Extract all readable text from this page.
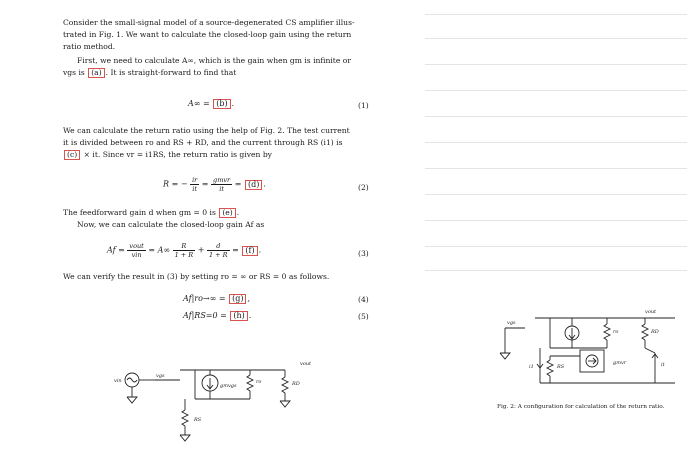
Consider the small-signal model of a source-degenerated CS amplifier illus-
trated in Fig. 1. We want to calculate the closed-loop gain using the return
ratio method.
First, we need to calculate A∞, which is the gain when gm is infinite or
vgs is (a) . It is straight-forward to find that
A∞ = (b) .	(1)
We can calculate the return ratio using the help of Fig. 2. The test current
it is divided between ro and RS + RD, and the current through RS (i1) is
(c) × it. Since vr = i1RS, the return ratio is given by
R = − $\frac{ir}{it} = \frac{\text{gmvr}}{it} = (d)$ .	(2)
The feedforward gain d when gm = 0 is (e) .
Now, we can calculate the closed-loop gain Af as
$Af = \frac{\text{vout}}{\text{vin}} = A\infty \frac{R}{1 + R} + \frac{d}{1 + R} = (f)$ .	(3)
We can verify the result in (3) by setting ro = ∞ or RS = 0 as follows.
Af|ro→∞ = (g) ,	(4)
Af|RS=0 = (h) .	(5)
vin
vgs
gmvgs
ro	RD
vout
RS
vout
vgs
ro	RD
i1	RS
gmvr	it
Fig. 2: A configuration for calculation of the return ratio.
